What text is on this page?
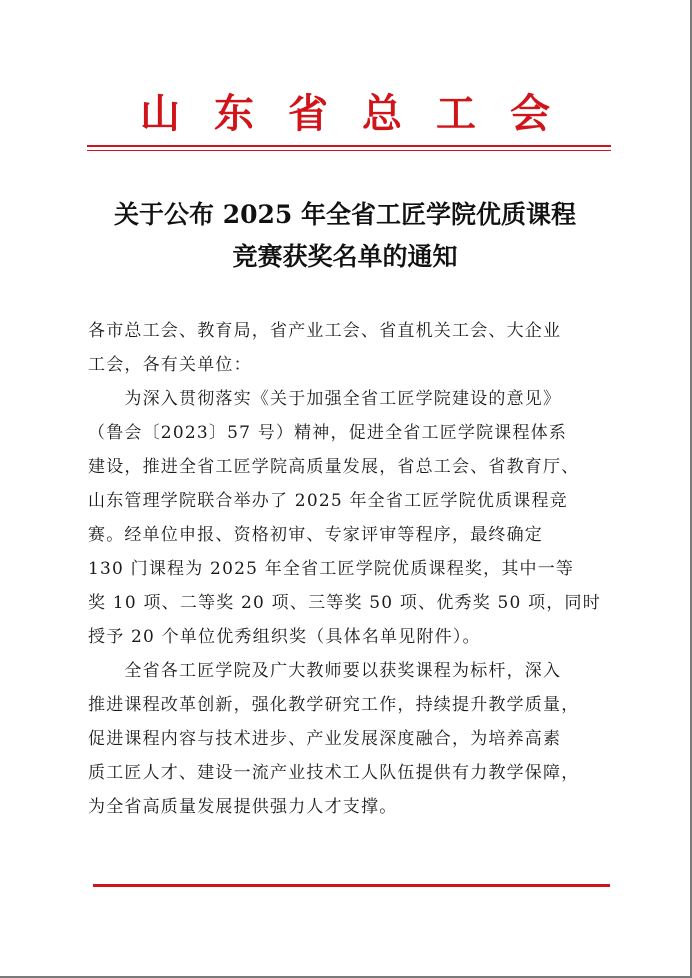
山东省总工会
关于公布 2025 年全省工匠学院优质课程
竞赛获奖名单的通知
各市总工会、教育局，省产业工会、省直机关工会、大企业
工会，各有关单位：
　　为深入贯彻落实《关于加强全省工匠学院建设的意见》
（鲁会〔2023〕57 号）精神，促进全省工匠学院课程体系
建设，推进全省工匠学院高质量发展，省总工会、省教育厅、
山东管理学院联合举办了 2025 年全省工匠学院优质课程竞
赛。经单位申报、资格初审、专家评审等程序，最终确定
130 门课程为 2025 年全省工匠学院优质课程奖，其中一等
奖 10 项、二等奖 20 项、三等奖 50 项、优秀奖 50 项，同时
授予 20 个单位优秀组织奖（具体名单见附件）。
　　全省各工匠学院及广大教师要以获奖课程为标杆，深入
推进课程改革创新，强化教学研究工作，持续提升教学质量，
促进课程内容与技术进步、产业发展深度融合，为培养高素
质工匠人才、建设一流产业技术工人队伍提供有力教学保障，
为全省高质量发展提供强力人才支撑。
